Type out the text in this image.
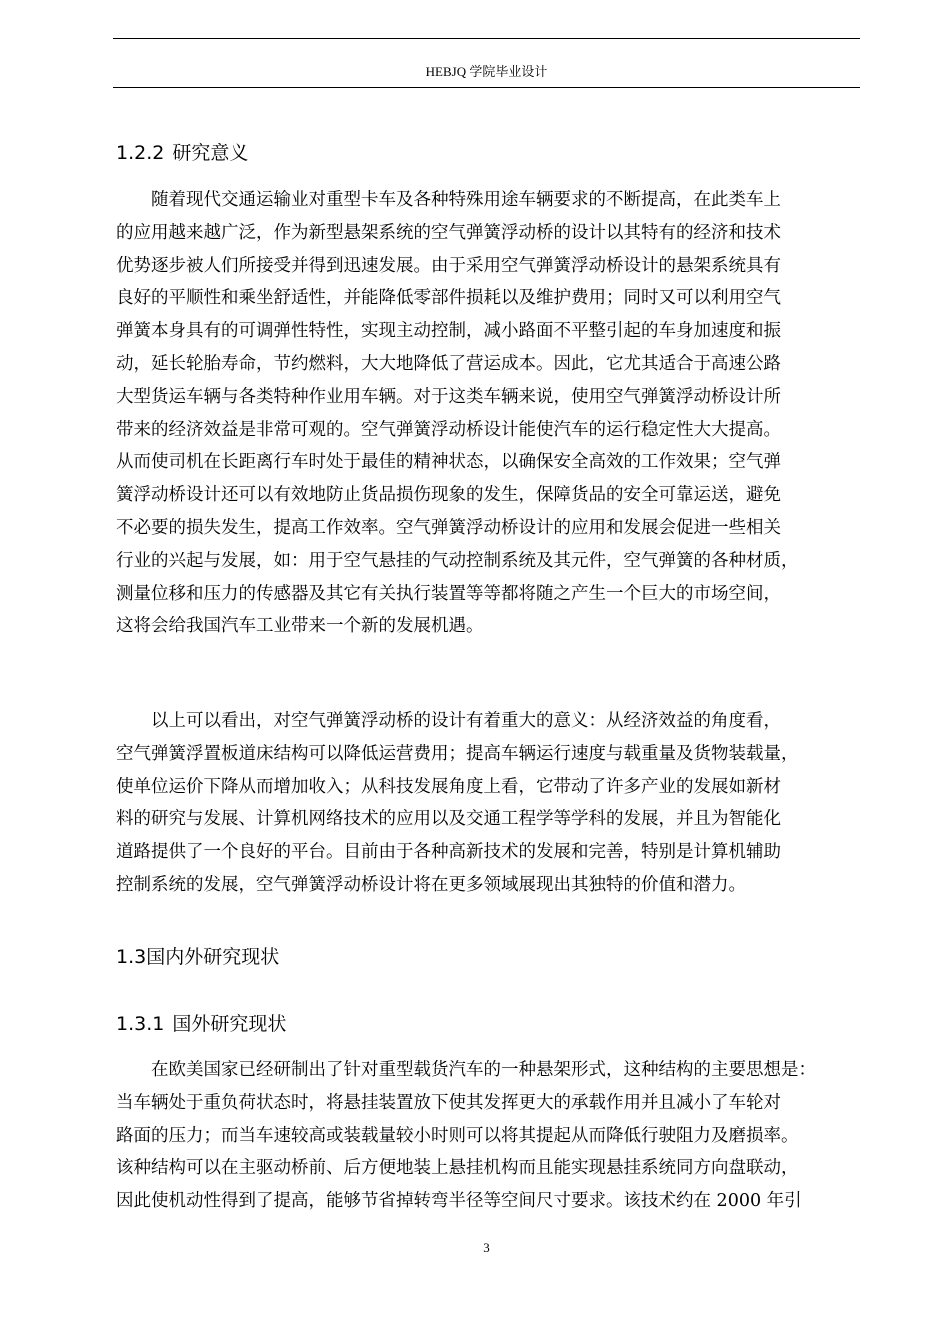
HEBJQ 学院毕业设计
1.2.2 研究意义
　　随着现代交通运输业对重型卡车及各种特殊用途车辆要求的不断提高，在此类车上
的应用越来越广泛，作为新型悬架系统的空气弹簧浮动桥的设计以其特有的经济和技术
优势逐步被人们所接受并得到迅速发展。由于采用空气弹簧浮动桥设计的悬架系统具有
良好的平顺性和乘坐舒适性，并能降低零部件损耗以及维护费用；同时又可以利用空气
弹簧本身具有的可调弹性特性，实现主动控制，减小路面不平整引起的车身加速度和振
动，延长轮胎寿命，节约燃料，大大地降低了营运成本。因此，它尤其适合于高速公路
大型货运车辆与各类特种作业用车辆。对于这类车辆来说，使用空气弹簧浮动桥设计所
带来的经济效益是非常可观的。空气弹簧浮动桥设计能使汽车的运行稳定性大大提高。
从而使司机在长距离行车时处于最佳的精神状态，以确保安全高效的工作效果；空气弹
簧浮动桥设计还可以有效地防止货品损伤现象的发生，保障货品的安全可靠运送，避免
不必要的损失发生，提高工作效率。空气弹簧浮动桥设计的应用和发展会促进一些相关
行业的兴起与发展，如：用于空气悬挂的气动控制系统及其元件，空气弹簧的各种材质，
测量位移和压力的传感器及其它有关执行装置等等都将随之产生一个巨大的市场空间，
这将会给我国汽车工业带来一个新的发展机遇。
　　以上可以看出，对空气弹簧浮动桥的设计有着重大的意义：从经济效益的角度看，
空气弹簧浮置板道床结构可以降低运营费用；提高车辆运行速度与载重量及货物装载量，
使单位运价下降从而增加收入；从科技发展角度上看，它带动了许多产业的发展如新材
料的研究与发展、计算机网络技术的应用以及交通工程学等学科的发展，并且为智能化
道路提供了一个良好的平台。目前由于各种高新技术的发展和完善，特别是计算机辅助
控制系统的发展，空气弹簧浮动桥设计将在更多领域展现出其独特的价值和潜力。
1.3国内外研究现状
1.3.1 国外研究现状
　　在欧美国家已经研制出了针对重型载货汽车的一种悬架形式，这种结构的主要思想是：
当车辆处于重负荷状态时，将悬挂装置放下使其发挥更大的承载作用并且减小了车轮对
路面的压力；而当车速较高或装载量较小时则可以将其提起从而降低行驶阻力及磨损率。
该种结构可以在主驱动桥前、后方便地装上悬挂机构而且能实现悬挂系统同方向盘联动，
因此使机动性得到了提高，能够节省掉转弯半径等空间尺寸要求。该技术约在 2000 年引
3
